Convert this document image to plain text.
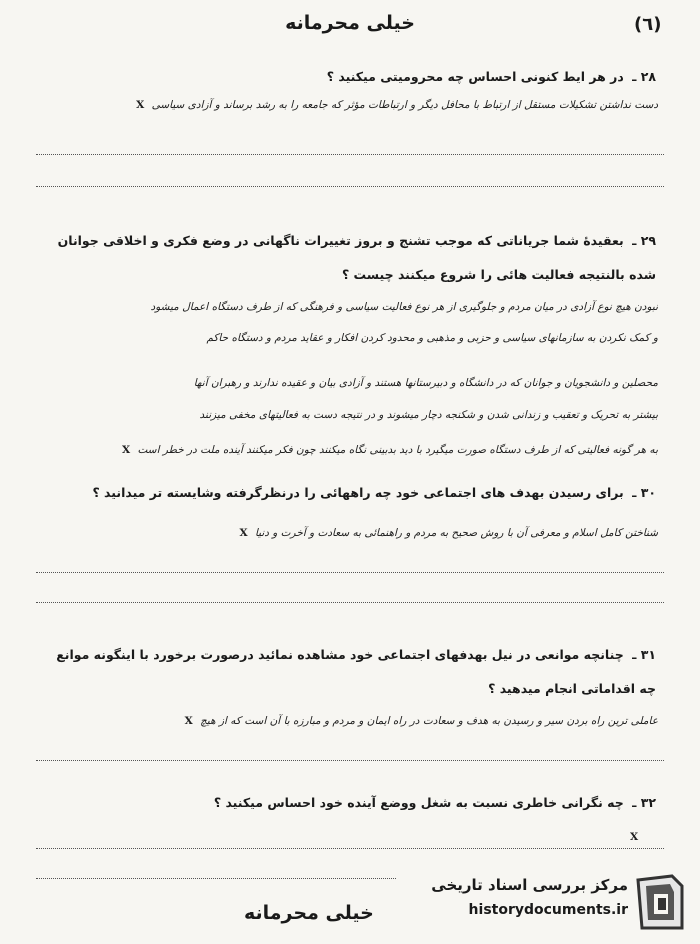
خیلی محرمانه	(٦)
٢٨ ـ در هر ایط کنونی احساس چه محرومیتی میکنید ؟
دست نداشتن تشکیلات مستقل از ارتباط با محافل دیگر و ارتباطات مؤثر که جامعه را به رشد برساند و آزادی سیاسی X
٢٩ ـ بعقیدۀ شما جریاناتی که موجب تشنج و بروز تغییرات ناگهانی در وضع فکری و اخلاقی جوانان شده بالنتیجه فعالیت هائی را شروع میکنند چیست ؟
نبودن هیچ نوع آزادی در میان مردم و جلوگیری از هر نوع فعالیت سیاسی و فرهنگی که از طرف دستگاه اعمال میشود
و کمک نکردن به سازمانهای سیاسی و حزبی و مذهبی و محدود کردن افکار و عقاید مردم و دستگاه حاکم
محصلین و دانشجویان و جوانان که در دانشگاه و دبیرستانها هستند و آزادی بیان و عقیده ندارند و رهبران آنها
بیشتر به تحریک و تعقیب و زندانی شدن و شکنجه دچار میشوند و در نتیجه دست به فعالیتهای مخفی میزنند
به هر گونه فعالیتی که از طرف دستگاه صورت میگیرد با دید بدبینی نگاه میکنند چون فکر میکنند آینده ملت در خطر است X
٣٠ ـ برای رسیدن بهدف های اجتماعی خود چه راههائی را درنظرگرفته وشایسته تر میدانید ؟
شناختن کامل اسلام و معرفی آن با روش صحیح به مردم و راهنمائی به سعادت و آخرت و دنیا X
٣١ ـ چنانچه موانعی در نیل بهدفهای اجتماعی خود مشاهده نمائید درصورت برخورد با اینگونه موانع چه اقداماتی انجام میدهید ؟
عاملی ترین راه بردن سیر و رسیدن به هدف و سعادت در راه ایمان و مردم و مبارزه با آن است که از هیچ X
٣٢ ـ چه نگرانی خاطری نسبت به شغل ووضع آینده خود احساس میکنید ؟
X
خیلی محرمانه
مرکز بررسی اسناد تاریخی
historydocuments.ir
